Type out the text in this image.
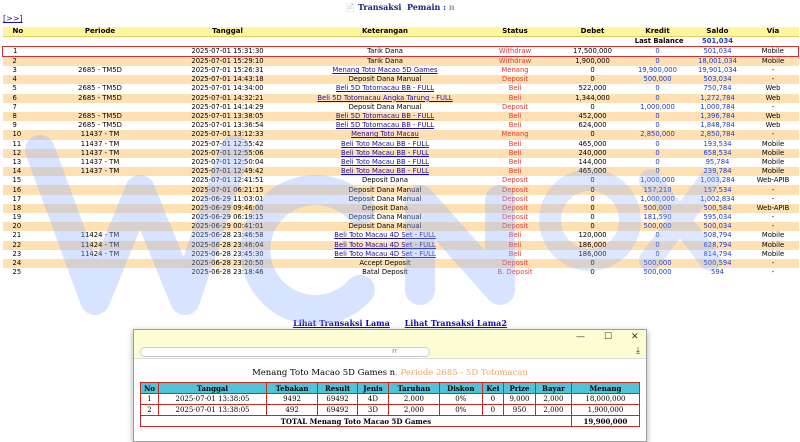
📄 Transaksi Pemain : n
[>>]
No	Periode	Tanggal	Keterangan	Status	Debet	Kredit	Saldo	Via
						Last Balance	501,034	
1		2025-07-01 15:31:30	Tarik Dana	Withdraw	17,500,000	0	501,034	Mobile
2		2025-07-01 15:29:10	Tarik Dana	Withdraw	1,900,000	0	18,001,034	Mobile
3	2685 - TM5D	2025-07-01 15:26:31	Menang Toto Macao 5D Games	Menang	0	19,900,000	19,901,034	-
4		2025-07-01 14:43:18	Deposit Dana Manual	Deposit	0	500,000	503,034	-
5	2685 - TM5D	2025-07-01 14:34:00	Beli 5D Totomacau BB - FULL	Beli	522,000	0	750,784	Web
6	2685 - TM5D	2025-07-01 14:32:21	Beli 5D Totomacau Angka Tarung - FULL	Beli	1,344,000	0	1,272,784	Web
7		2025-07-01 14:14:29	Deposit Dana Manual	Deposit	0	1,000,000	1,000,784	-
8	2685 - TM5D	2025-07-01 13:38:05	Beli 5D Totomacau BB - FULL	Beli	452,000	0	1,396,784	Web
9	2685 - TM5D	2025-07-01 13:36:54	Beli 5D Totomacau BB - FULL	Beli	624,000	0	1,848,784	Web
10	11437 - TM	2025-07-01 13:12:33	Menang Toto Macau	Menang	0	2,850,000	2,850,784	-
11	11437 - TM	2025-07-01 12:55:42	Beli Toto Macau BB - FULL	Beli	465,000	0	193,534	Mobile
12	11437 - TM	2025-07-01 12:55:06	Beli Toto Macau BB - FULL	Beli	240,000	0	658,534	Mobile
13	11437 - TM	2025-07-01 12:50:04	Beli Toto Macau BB - FULL	Beli	144,000	0	95,784	Mobile
14	11437 - TM	2025-07-01 12:49:42	Beli Toto Macau BB - FULL	Beli	465,000	0	239,784	Mobile
15		2025-07-01 12:41:51	Deposit Dana	Deposit	0	1,000,000	1,003,284	Web-APIB
16		2025-07-01 06:21:15	Deposit Dana Manual	Deposit	0	157,210	157,534	-
17		2025-06-29 11:03:01	Deposit Dana Manual	Deposit	0	1,000,000	1,002,834	-
18		2025-06-29 09:46:00	Deposit Dana	Deposit	0	500,000	500,584	Web-APIB
19		2025-06-29 06:19:15	Deposit Dana Manual	Deposit	0	181,590	595,034	-
20		2025-06-29 00:41:01	Deposit Dana Manual	Deposit	0	500,000	500,034	-
21	11424 - TM	2025-06-28 23:46:58	Beli Toto Macau 4D Set - FULL	Beli	120,000	0	508,794	Mobile
22	11424 - TM	2025-06-28 23:46:04	Beli Toto Macau 4D Set - FULL	Beli	186,000	0	628,794	Mobile
23	11424 - TM	2025-06-28 23:45:30	Beli Toto Macau 4D Set - FULL	Beli	186,000	0	814,794	Mobile
24		2025-06-28 23:20:50	Accept Deposit	Deposit	0	500,000	500,594	-
25		2025-06-28 23:18:46	Batal Deposit	B. Deposit	0	500,000	594	-
Lihat Transaksi Lama Lihat Transaksi Lama2
— ☐ ✕
rr	⤓
Menang Toto Macao 5D Games n, Periode 2685 - 5D Totomacau
No	Tanggal	Tebakan	Result	Jenis	Taruhan	Diskon	Kei	Prize	Bayar	Menang
1	2025-07-01 13:38:05	9492	69492	4D	2,000	0%	0	9,000	2,000	18,000,000
2	2025-07-01 13:38:05	492	69492	3D	2,000	0%	0	950	2,000	1,900,000
TOTAL Menang Toto Macao 5D Games										19,900,000
